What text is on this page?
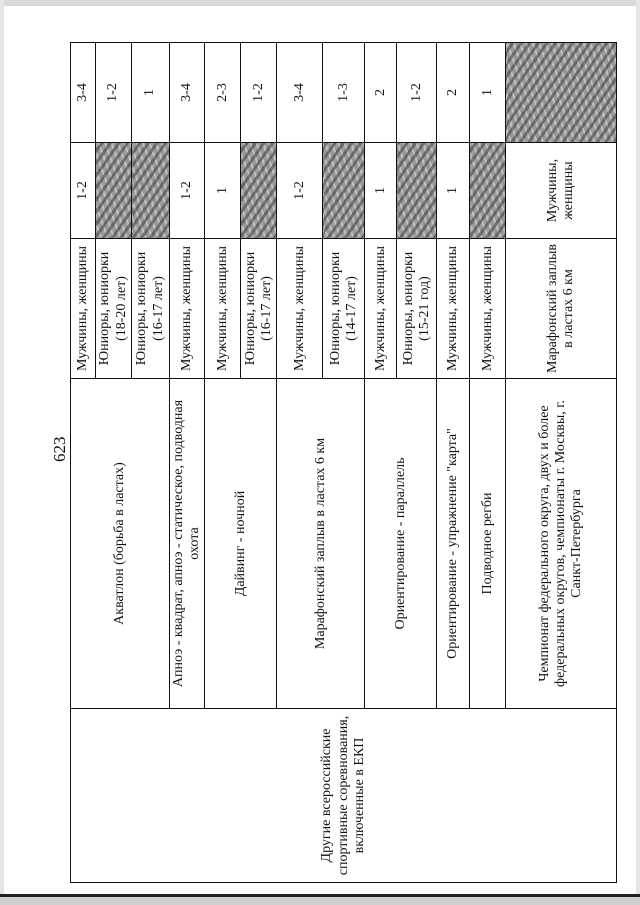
623
Другие всероссийские спортивные соревнования, включенные в ЕКП	Акватлон (борьба в ластах)	Мужчины, женщины	1-2	3-4	
		Юниоры, юниорки (18-20 лет)		1-2	
		Юниоры, юниорки (16-17 лет)		1	
	Апноэ - квадрат, апноэ - статическое, подводная охота	Мужчины, женщины	1-2	3-4	
	Дайвинг - ночной	Мужчины, женщины	1	2-3	
		Юниоры, юниорки (16-17 лет)		1-2	
	Марафонский заплыв в ластах 6 км	Мужчины, женщины	1-2	3-4	
		Юниоры, юниорки (14-17 лет)		1-3	
	Ориентирование - параллель	Мужчины, женщины	1	2	
		Юниоры, юниорки (15-21 год)		1-2	
	Ориентирование - упражнение "карта"	Мужчины, женщины	1	2	
	Подводное регби	Мужчины, женщины		1	
	Чемпионат федерального округа, двух и более федеральных округов, чемпионаты г. Москвы, г. Санкт-Петербурга	Марафонский заплыв в ластах 6 км	Мужчины, женщины		
